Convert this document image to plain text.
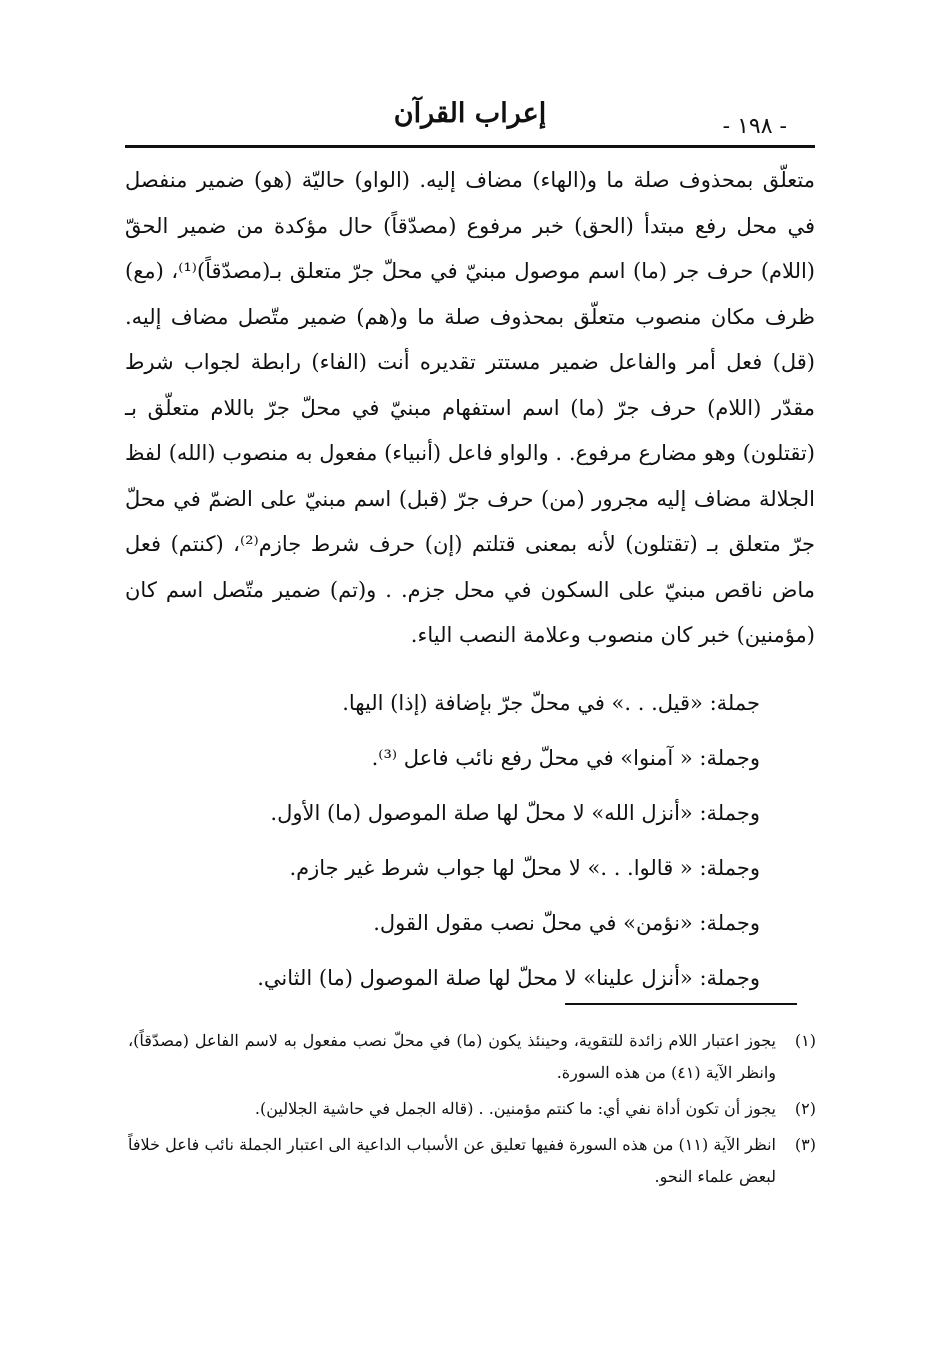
إعراب القرآن	- ١٩٨ -

متعلّق بمحذوف صلة ما و(الهاء) مضاف إليه. (الواو) حاليّة (هو) ضمير منفصل في محل رفع مبتدأ (الحق) خبر مرفوع (مصدّقاً) حال مؤكدة من ضمير الحقّ (اللام) حرف جر (ما) اسم موصول مبنيّ في محلّ جرّ متعلق بـ(مصدّقاً)⁽¹⁾، (مع) ظرف مكان منصوب متعلّق بمحذوف صلة ما و(هم) ضمير متّصل مضاف إليه. (قل) فعل أمر والفاعل ضمير مستتر تقديره أنت (الفاء) رابطة لجواب شرط مقدّر (اللام) حرف جرّ (ما) اسم استفهام مبنيّ في محلّ جرّ باللام متعلّق بـ (تقتلون) وهو مضارع مرفوع. . والواو فاعل (أنبياء) مفعول به منصوب (الله) لفظ الجلالة مضاف إليه مجرور (من) حرف جرّ (قبل) اسم مبنيّ على الضمّ في محلّ جرّ متعلق بـ (تقتلون) لأنه بمعنى قتلتم (إن) حرف شرط جازم⁽²⁾، (كنتم) فعل ماض ناقص مبنيّ على السكون في محل جزم. . و(تم) ضمير متّصل اسم كان (مؤمنين) خبر كان منصوب وعلامة النصب الياء.

جملة: «قيل. . .» في محلّ جرّ بإضافة (إذا) اليها.
وجملة: « آمنوا» في محلّ رفع نائب فاعل ⁽³⁾.
وجملة: «أنزل الله» لا محلّ لها صلة الموصول (ما) الأول.
وجملة: « قالوا. . .» لا محلّ لها جواب شرط غير جازم.
وجملة: «نؤمن» في محلّ نصب مقول القول.
وجملة: «أنزل علينا» لا محلّ لها صلة الموصول (ما) الثاني.
(١)
يجوز اعتبار اللام زائدة للتقوية، وحينئذ يكون (ما) في محلّ نصب مفعول به لاسم الفاعل (مصدّقاً)، وانظر الآية (٤١) من هذه السورة.
(٢)
يجوز أن تكون أداة نفي أي: ما كنتم مؤمنين. . (قاله الجمل في حاشية الجلالين).
(٣)
انظر الآية (١١) من هذه السورة ففيها تعليق عن الأسباب الداعية الى اعتبار الجملة نائب فاعل خلافاً لبعض علماء النحو.
